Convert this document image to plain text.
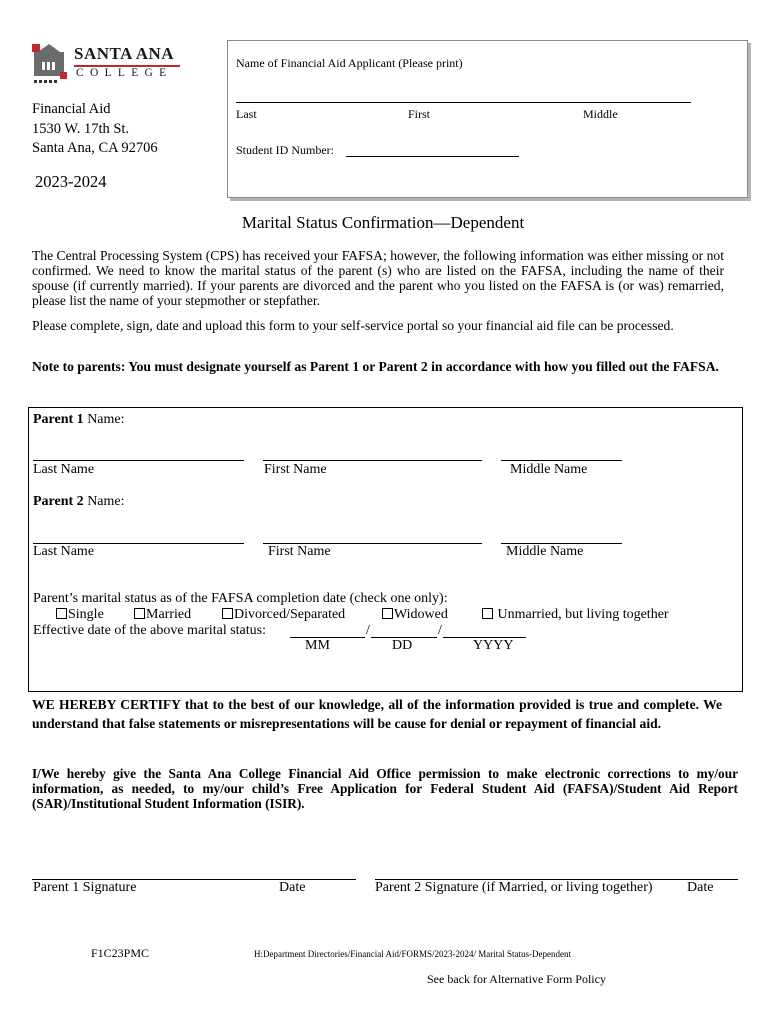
SANTA ANA
COLLEGE
Financial Aid
1530 W. 17th St.
Santa Ana, CA 92706
2023-2024
Name of Financial Aid Applicant (Please print)
Last	First	Middle
Student ID Number:
Marital Status Confirmation—Dependent
The Central Processing System (CPS) has received your FAFSA; however, the following information was either missing or not confirmed. We need to know the marital status of the parent (s) who are listed on the FAFSA, including the name of their spouse (if currently married). If your parents are divorced and the parent who you listed on the FAFSA is (or was) remarried, please list the name of your stepmother or stepfather.
Please complete, sign, date and upload this form to your self-service portal so your financial aid file can be processed.
Note to parents: You must designate yourself as Parent 1 or Parent 2 in accordance with how you filled out the FAFSA.
Parent 1 Name:
Last Name	First Name	Middle Name
Parent 2 Name:
Last Name	First Name	Middle Name
Parent’s marital status as of the FAFSA completion date (check one only):
Single	Married	Divorced/Separated	Widowed	Unmarried, but living together
Effective date of the above marital status:	/	/
MM	DD	YYYY
WE HEREBY CERTIFY that to the best of our knowledge, all of the information provided is true and complete. We understand that false statements or misrepresentations will be cause for denial or repayment of financial aid.
I/We hereby give the Santa Ana College Financial Aid Office permission to make electronic corrections to my/our information, as needed, to my/our child’s Free Application for Federal Student Aid (FAFSA)/Student Aid Report (SAR)/Institutional Student Information (ISIR).
Parent 1 Signature	Date	Parent 2 Signature (if Married, or living together) Date
F1C23PMC	H:Department Directories/Financial Aid/FORMS/2023-2024/ Marital Status-Dependent
See back for Alternative Form Policy
